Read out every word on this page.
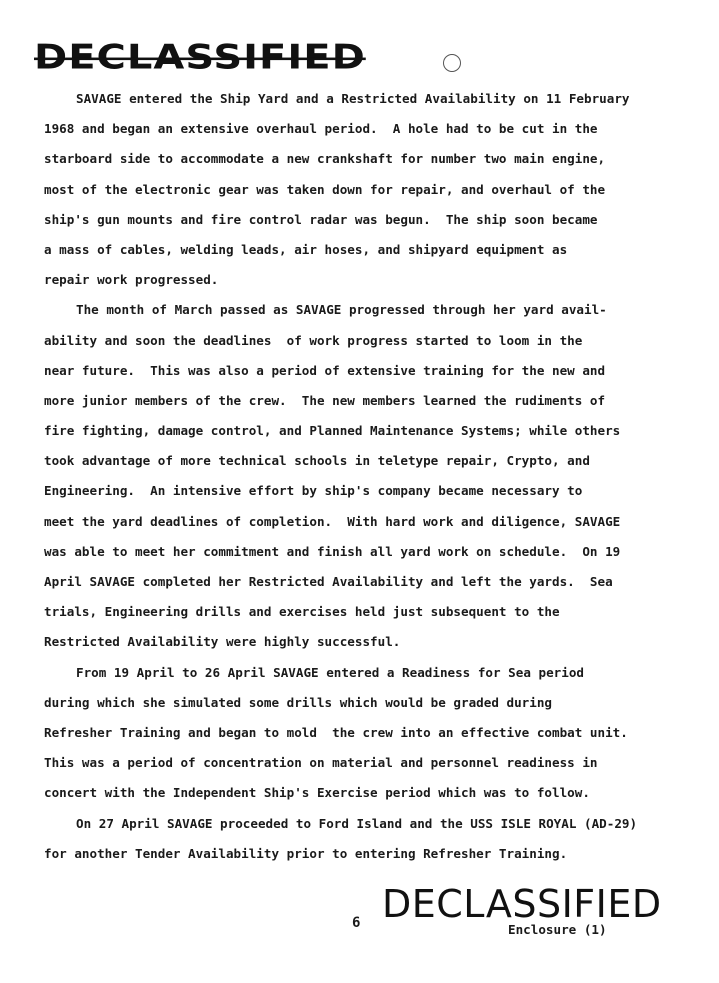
DECLASSIFIED
SAVAGE entered the Ship Yard and a Restricted Availability on 11 February
1968 and began an extensive overhaul period.  A hole had to be cut in the
starboard side to accommodate a new crankshaft for number two main engine,
most of the electronic gear was taken down for repair, and overhaul of the
ship's gun mounts and fire control radar was begun.  The ship soon became
a mass of cables, welding leads, air hoses, and shipyard equipment as
repair work progressed.
The month of March passed as SAVAGE progressed through her yard avail-
ability and soon the deadlines  of work progress started to loom in the
near future.  This was also a period of extensive training for the new and
more junior members of the crew.  The new members learned the rudiments of
fire fighting, damage control, and Planned Maintenance Systems; while others
took advantage of more technical schools in teletype repair, Crypto, and
Engineering.  An intensive effort by ship's company became necessary to
meet the yard deadlines of completion.  With hard work and diligence, SAVAGE
was able to meet her commitment and finish all yard work on schedule.  On 19
April SAVAGE completed her Restricted Availability and left the yards.  Sea
trials, Engineering drills and exercises held just subsequent to the
Restricted Availability were highly successful.
From 19 April to 26 April SAVAGE entered a Readiness for Sea period
during which she simulated some drills which would be graded during
Refresher Training and began to mold  the crew into an effective combat unit.
This was a period of concentration on material and personnel readiness in
concert with the Independent Ship's Exercise period which was to follow.
On 27 April SAVAGE proceeded to Ford Island and the USS ISLE ROYAL (AD-29)
for another Tender Availability prior to entering Refresher Training.
DECLASSIFIED
6	Enclosure (1)
